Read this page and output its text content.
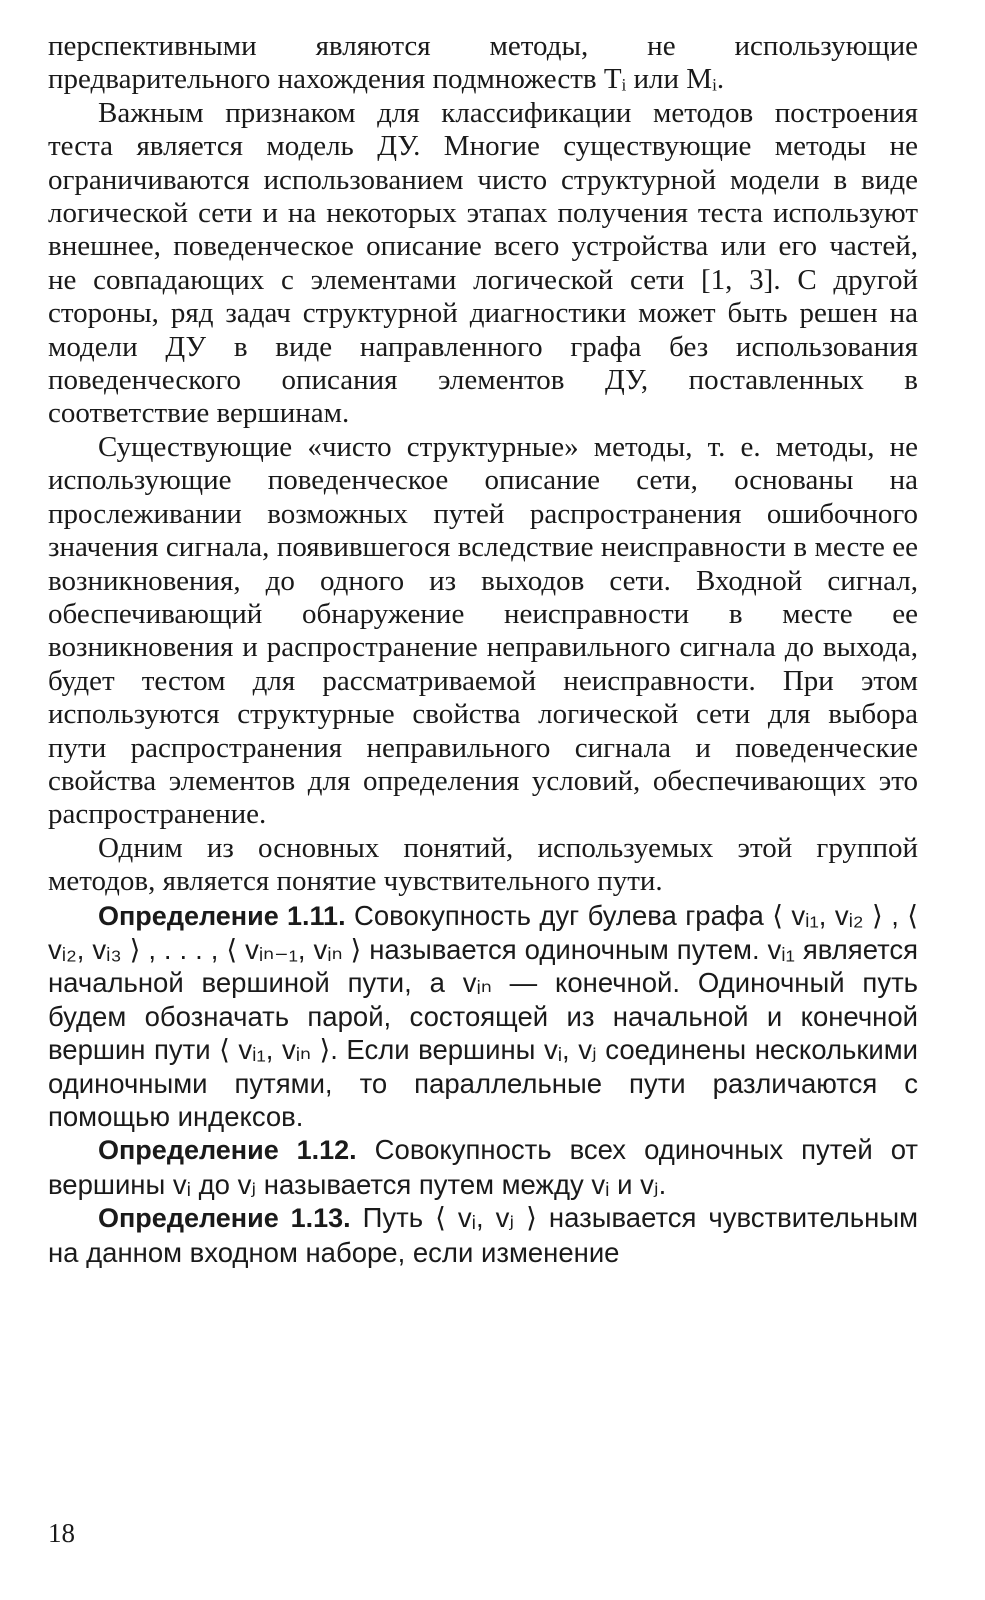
перспективными являются методы, не использующие предварительного нахождения подмножеств Tᵢ или Mᵢ.

Важным признаком для классификации методов построения теста является модель ДУ. Многие существующие методы не ограничиваются использованием чисто структурной модели в виде логической сети и на некоторых этапах получения теста используют внешнее, поведенческое описание всего устройства или его частей, не совпадающих с элементами логической сети [1, 3]. С другой стороны, ряд задач структурной диагностики может быть решен на модели ДУ в виде направленного графа без использования поведенческого описания элементов ДУ, поставленных в соответствие вершинам.

Существующие «чисто структурные» методы, т. е. методы, не использующие поведенческое описание сети, основаны на прослеживании возможных путей распространения ошибочного значения сигнала, появившегося вследствие неисправности в месте ее возникновения, до одного из выходов сети. Входной сигнал, обеспечивающий обнаружение неисправности в месте ее возникновения и распространение неправильного сигнала до выхода, будет тестом для рассматриваемой неисправности. При этом используются структурные свойства логической сети для выбора пути распространения неправильного сигнала и поведенческие свойства элементов для определения условий, обеспечивающих это распространение.

Одним из основных понятий, используемых этой группой методов, является понятие чувствительного пути.

Определение 1.11. Совокупность дуг булева графа ⟨ vᵢ₁, vᵢ₂ ⟩ , ⟨ vᵢ₂, vᵢ₃ ⟩ , . . . , ⟨ vᵢₙ₋₁, vᵢₙ ⟩ называется одиночным путем. vᵢ₁ является начальной вершиной пути, а vᵢₙ — конечной. Одиночный путь будем обозначать парой, состоящей из начальной и конечной вершин пути ⟨ vᵢ₁, vᵢₙ ⟩. Если вершины vᵢ, vⱼ соединены несколькими одиночными путями, то параллельные пути различаются с помощью индексов.

Определение 1.12. Совокупность всех одиночных путей от вершины vᵢ до vⱼ называется путем между vᵢ и vⱼ.

Определение 1.13. Путь ⟨ vᵢ, vⱼ ⟩ называется чувствительным на данном входном наборе, если изменение

18
